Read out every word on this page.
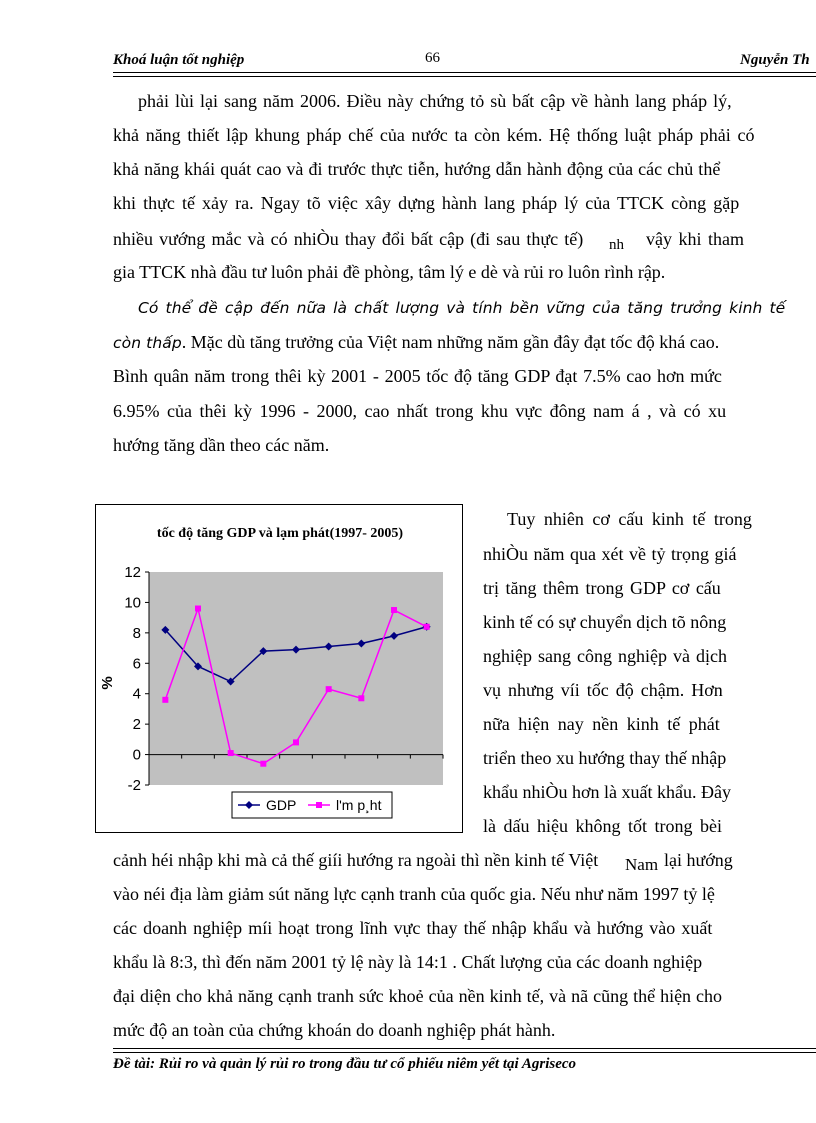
Khoá luận tốt nghiệp	66	Nguyễn Th
phải lùi lại sang năm 2006. Điều này chứng tỏ sù bất cập về hành lang pháp lý,
khả năng thiết lập khung pháp chế của nước ta còn kém. Hệ thống luật pháp phải có
khả năng khái quát cao và đi trước thực tiễn, hướng dẫn hành động của các chủ thể
khi thực tế xảy ra. Ngay tõ việc xây dựng hành lang pháp lý của TTCK còng gặp
nhiều vướng mắc và có nhiÒu thay đổi bất cập (đi sau thực tế) nh vậy khi tham
gia TTCK nhà đầu tư luôn phải đề phòng, tâm lý e dè và rủi ro luôn rình rập.
Có thể đề cập đến nữa là chất lượng và tính bền vững của tăng trưởng kinh tế
còn thấp. Mặc dù tăng trưởng của Việt nam những năm gần đây đạt tốc độ khá cao.
Bình quân năm trong thêi kỳ 2001 - 2005 tốc độ tăng GDP đạt 7.5% cao hơn mức
6.95% của thêi kỳ 1996 - 2000, cao nhất trong khu vực đông nam á , và có xu
hướng tăng dần theo các năm.
tốc độ tăng GDP và lạm phát(1997- 2005)
-2
0
2
4
6
8
10
12
%
GDP	l'm p¸ht
Tuy nhiên cơ cấu kinh tế trong
nhiÒu năm qua xét về tỷ trọng giá
trị tăng thêm trong GDP cơ cấu
kinh tế có sự chuyển dịch tõ nông
nghiệp sang công nghiệp và dịch
vụ nhưng víi tốc độ chậm. Hơn
nữa hiện nay nền kinh tế phát
triển theo xu hướng thay thế nhập
khẩu nhiÒu hơn là xuất khẩu. Đây
là dấu hiệu không tốt trong bèi
cảnh héi nhập khi mà cả thế giíi hướng ra ngoài thì nền kinh tế Việt Nam lại hướng
vào néi địa làm giảm sút năng lực cạnh tranh của quốc gia. Nếu như năm 1997 tỷ lệ
các doanh nghiệp míi hoạt trong lĩnh vực thay thế nhập khẩu và hướng vào xuất
khẩu là 8:3, thì đến năm 2001 tỷ lệ này là 14:1 . Chất lượng của các doanh nghiệp
đại diện cho khả năng cạnh tranh sức khoẻ của nền kinh tế, và nã cũng thể hiện cho
mức độ an toàn của chứng khoán do doanh nghiệp phát hành.
Đề tài: Rủi ro và quản lý rủi ro trong đầu tư cổ phiếu niêm yết tại Agriseco
